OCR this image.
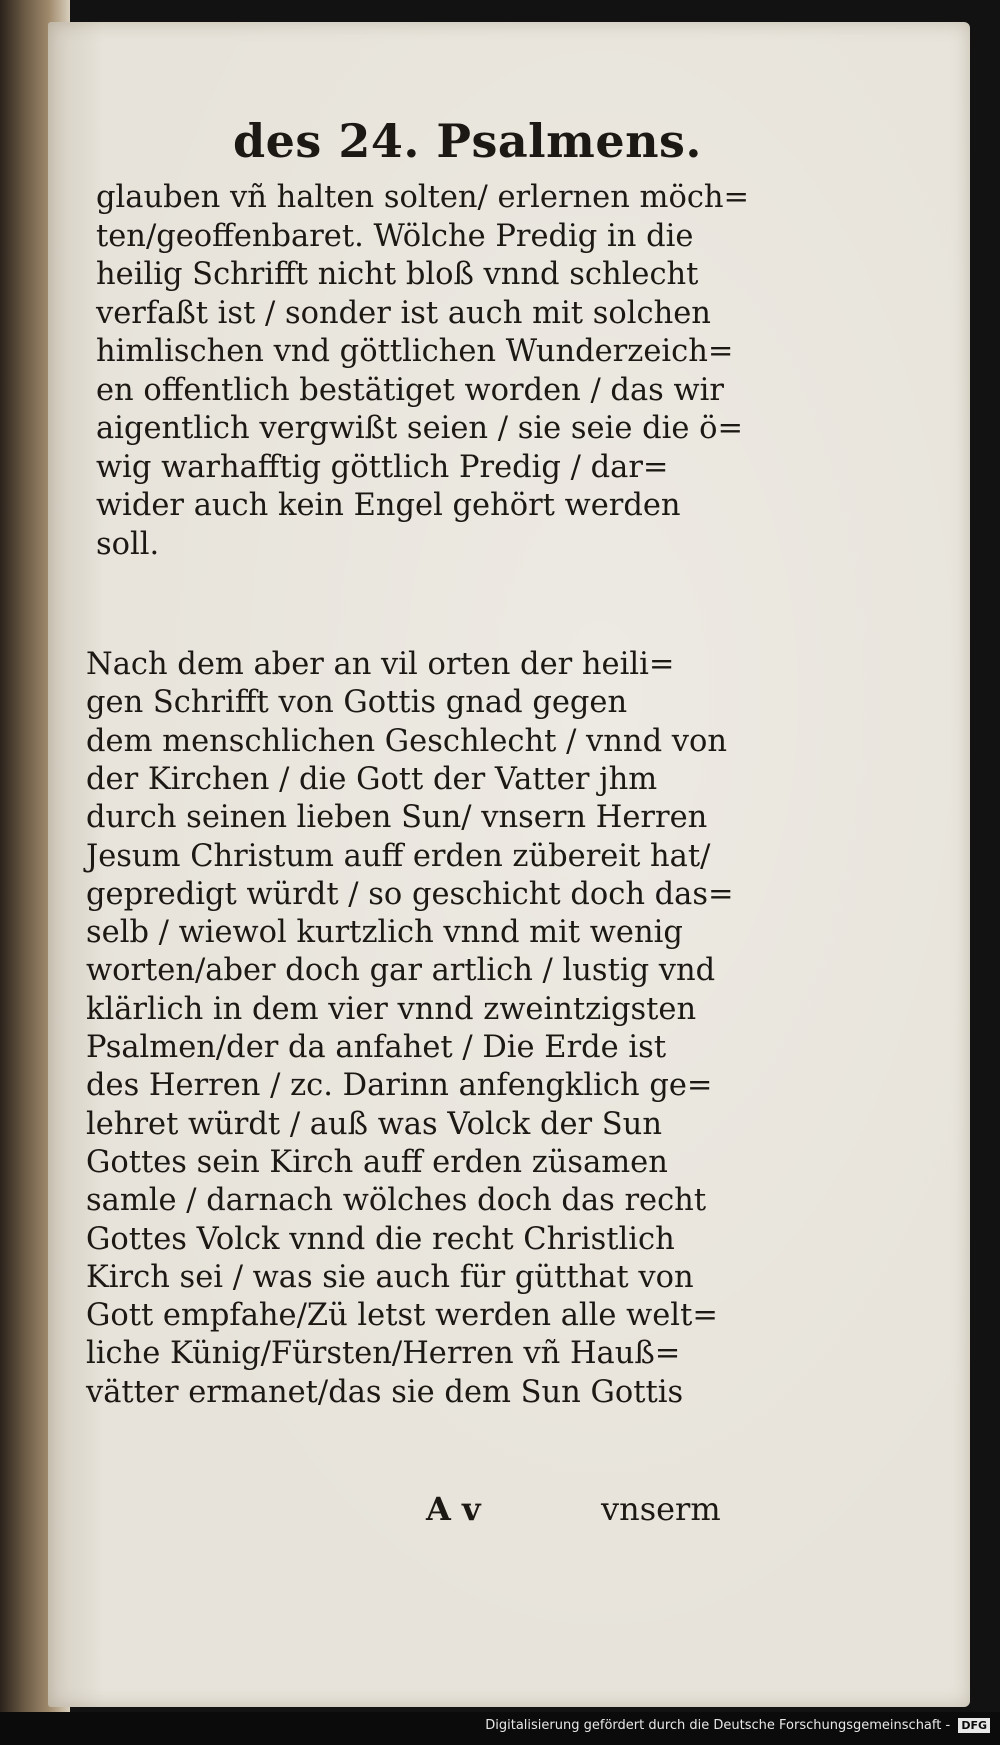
des 24. Psalmens.
glauben vñ halten solten/ erlernen möch=
ten/geoffenbaret. Wölche Predig in die
heilig Schrifft nicht bloß vnnd schlecht
verfaßt ist / sonder ist auch mit solchen
himlischen vnd göttlichen Wunderzeich=
en offentlich bestätiget worden / das wir
aigentlich vergwißt seien / sie seie die ö=
wig warhafftig göttlich Predig / dar=
wider auch kein Engel gehört werden
soll.
Nach dem aber an vil orten der heili=
gen Schrifft von Gottis gnad gegen
dem menschlichen Geschlecht / vnnd von
der Kirchen / die Gott der Vatter jhm
durch seinen lieben Sun/ vnsern Herren
Jesum Christum auff erden zübereit hat/
gepredigt würdt / so geschicht doch das=
selb / wiewol kurtzlich vnnd mit wenig
worten/aber doch gar artlich / lustig vnd
klärlich in dem vier vnnd zweintzigsten
Psalmen/der da anfahet / Die Erde ist
des Herren / zc. Darinn anfengklich ge=
lehret würdt / auß was Volck der Sun
Gottes sein Kirch auff erden züsamen
samle / darnach wölches doch das recht
Gottes Volck vnnd die recht Christlich
Kirch sei / was sie auch für gütthat von
Gott empfahe/Zü letst werden alle welt=
liche Künig/Fürsten/Herren vñ Hauß=
vätter ermanet/das sie dem Sun Gottis
A v	vnserm
Digitalisierung gefördert durch die Deutsche Forschungsgemeinschaft - DFG
